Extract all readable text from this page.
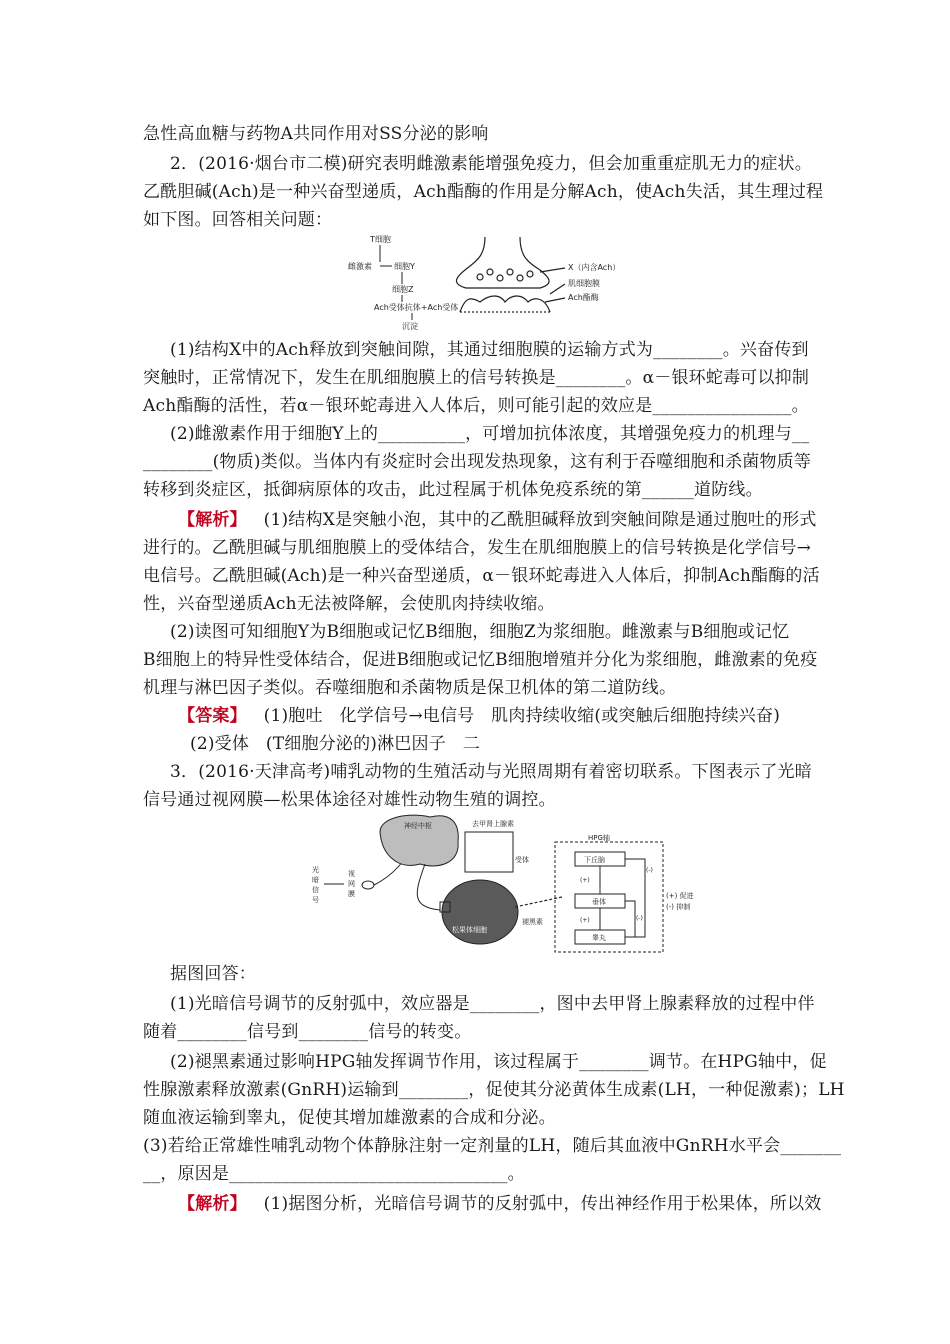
急性高血糖与药物A共同作用对SS分泌的影响
2．(2016·烟台市二模)研究表明雌激素能增强免疫力，但会加重重症肌无力的症状。
乙酰胆碱(Ach)是一种兴奋型递质，Ach酯酶的作用是分解Ach，使Ach失活，其生理过程
如下图。回答相关问题：
T细胞
雌激素	细胞Y
细胞Z
Ach受体抗体+Ach受体
沉淀
X（内含Ach）
肌细胞膜
Ach酯酶
(1)结构X中的Ach释放到突触间隙，其通过细胞膜的运输方式为________。兴奋传到
突触时，正常情况下，发生在肌细胞膜上的信号转换是________。α－银环蛇毒可以抑制
Ach酯酶的活性，若α－银环蛇毒进入人体后，则可能引起的效应是________________。
(2)雌激素作用于细胞Y上的__________，可增加抗体浓度，其增强免疫力的机理与__
________(物质)类似。当体内有炎症时会出现发热现象，这有利于吞噬细胞和杀菌物质等
转移到炎症区，抵御病原体的攻击，此过程属于机体免疫系统的第______道防线。
【解析】   (1)结构X是突触小泡，其中的乙酰胆碱释放到突触间隙是通过胞吐的形式
进行的。乙酰胆碱与肌细胞膜上的受体结合，发生在肌细胞膜上的信号转换是化学信号→
电信号。乙酰胆碱(Ach)是一种兴奋型递质，α－银环蛇毒进入人体后，抑制Ach酯酶的活
性，兴奋型递质Ach无法被降解，会使肌肉持续收缩。
(2)读图可知细胞Y为B细胞或记忆B细胞，细胞Z为浆细胞。雌激素与B细胞或记忆
B细胞上的特异性受体结合，促进B细胞或记忆B细胞增殖并分化为浆细胞，雌激素的免疫
机理与淋巴因子类似。吞噬细胞和杀菌物质是保卫机体的第二道防线。
【答案】   (1)胞吐   化学信号→电信号   肌肉持续收缩(或突触后细胞持续兴奋)
(2)受体   (T细胞分泌的)淋巴因子   二
3．(2016·天津高考)哺乳动物的生殖活动与光照周期有着密切联系。下图表示了光暗
信号通过视网膜—松果体途径对雄性动物生殖的调控。
光暗信号
视网膜
神经中枢	去甲肾上腺素
受体
松果体细胞
褪黑素
HPG轴
下丘脑
垂体
睾丸
(+)
(+)
(-)
(-)
(+) 促进
(-) 抑制
据图回答：
(1)光暗信号调节的反射弧中，效应器是________，图中去甲肾上腺素释放的过程中伴
随着________信号到________信号的转变。
(2)褪黑素通过影响HPG轴发挥调节作用，该过程属于________调节。在HPG轴中，促
性腺激素释放激素(GnRH)运输到________，促使其分泌黄体生成素(LH，一种促激素)；LH
随血液运输到睾丸，促使其增加雄激素的合成和分泌。
(3)若给正常雄性哺乳动物个体静脉注射一定剂量的LH，随后其血液中GnRH水平会_______
__，原因是________________________________。
【解析】   (1)据图分析，光暗信号调节的反射弧中，传出神经作用于松果体，所以效
